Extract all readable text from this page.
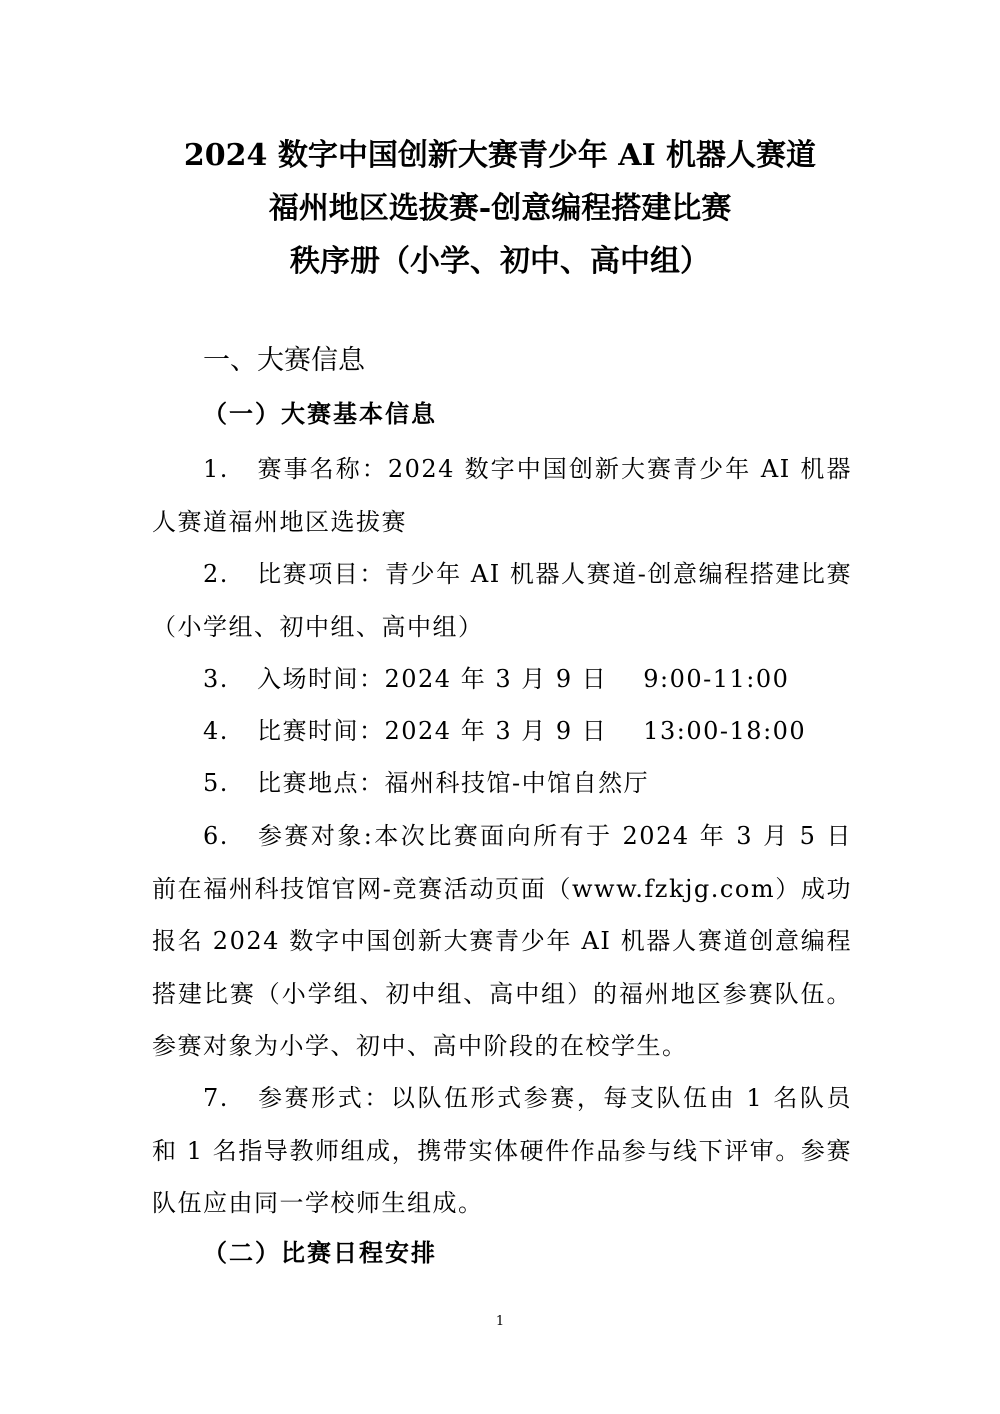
2024 数字中国创新大赛青少年 AI 机器人赛道
福州地区选拔赛-创意编程搭建比赛
秩序册（小学、初中、高中组）
一、大赛信息
（一）大赛基本信息
1. 赛事名称：2024 数字中国创新大赛青少年 AI 机器人赛道福州地区选拔赛
2. 比赛项目：青少年 AI 机器人赛道-创意编程搭建比赛（小学组、初中组、高中组）
3. 入场时间：2024 年 3 月 9 日 9:00-11:00
4. 比赛时间：2024 年 3 月 9 日 13:00-18:00
5. 比赛地点：福州科技馆-中馆自然厅
6. 参赛对象:本次比赛面向所有于 2024 年 3 月 5 日前在福州科技馆官网-竞赛活动页面（www.fzkjg.com）成功报名 2024 数字中国创新大赛青少年 AI 机器人赛道创意编程搭建比赛（小学组、初中组、高中组）的福州地区参赛队伍。参赛对象为小学、初中、高中阶段的在校学生。
7. 参赛形式：以队伍形式参赛，每支队伍由 1 名队员和 1 名指导教师组成，携带实体硬件作品参与线下评审。参赛队伍应由同一学校师生组成。
（二）比赛日程安排
1
